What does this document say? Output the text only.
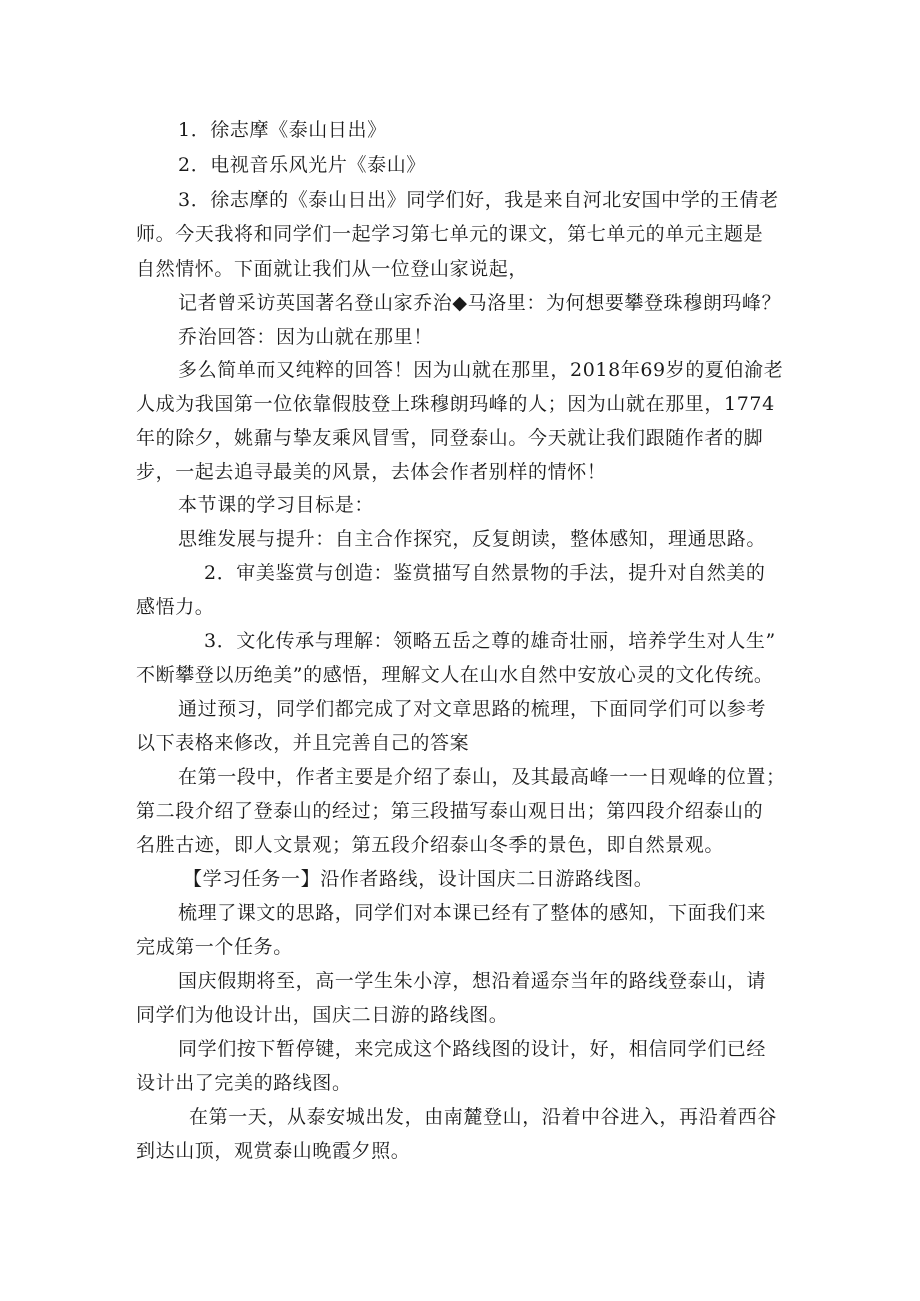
1．徐志摩《泰山日出》
2．电视音乐风光片《泰山》
3．徐志摩的《泰山日出》同学们好，我是来自河北安国中学的王倩老
师。今天我将和同学们一起学习第七单元的课文，第七单元的单元主题是
自然情怀。下面就让我们从一位登山家说起，
记者曾采访英国著名登山家乔治◆马洛里：为何想要攀登珠穆朗玛峰？
乔治回答：因为山就在那里！
多么简单而又纯粹的回答！因为山就在那里，2018年69岁的夏伯渝老
人成为我国第一位依靠假肢登上珠穆朗玛峰的人；因为山就在那里，1774
年的除夕，姚鼐与挚友乘风冒雪，同登泰山。今天就让我们跟随作者的脚
步，一起去追寻最美的风景，去体会作者别样的情怀！
本节课的学习目标是：
思维发展与提升：自主合作探究，反复朗读，整体感知，理通思路。
2．审美鉴赏与创造：鉴赏描写自然景物的手法，提升对自然美的
感悟力。
3．文化传承与理解：领略五岳之尊的雄奇壮丽，培养学生对人生”
不断攀登以历绝美”的感悟，理解文人在山水自然中安放心灵的文化传统。
通过预习，同学们都完成了对文章思路的梳理，下面同学们可以参考
以下表格来修改，并且完善自己的答案
在第一段中，作者主要是介绍了泰山，及其最高峰一一日观峰的位置；
第二段介绍了登泰山的经过；第三段描写泰山观日出；第四段介绍泰山的
名胜古迹，即人文景观；第五段介绍泰山冬季的景色，即自然景观。
【学习任务一】沿作者路线，设计国庆二日游路线图。
梳理了课文的思路，同学们对本课已经有了整体的感知，下面我们来
完成第一个任务。
国庆假期将至，高一学生朱小淳，想沿着遥奈当年的路线登泰山，请
同学们为他设计出，国庆二日游的路线图。
同学们按下暂停键，来完成这个路线图的设计，好，相信同学们已经
设计出了完美的路线图。
在第一天，从泰安城出发，由南麓登山，沿着中谷进入，再沿着西谷
到达山顶，观赏泰山晚霞夕照。
